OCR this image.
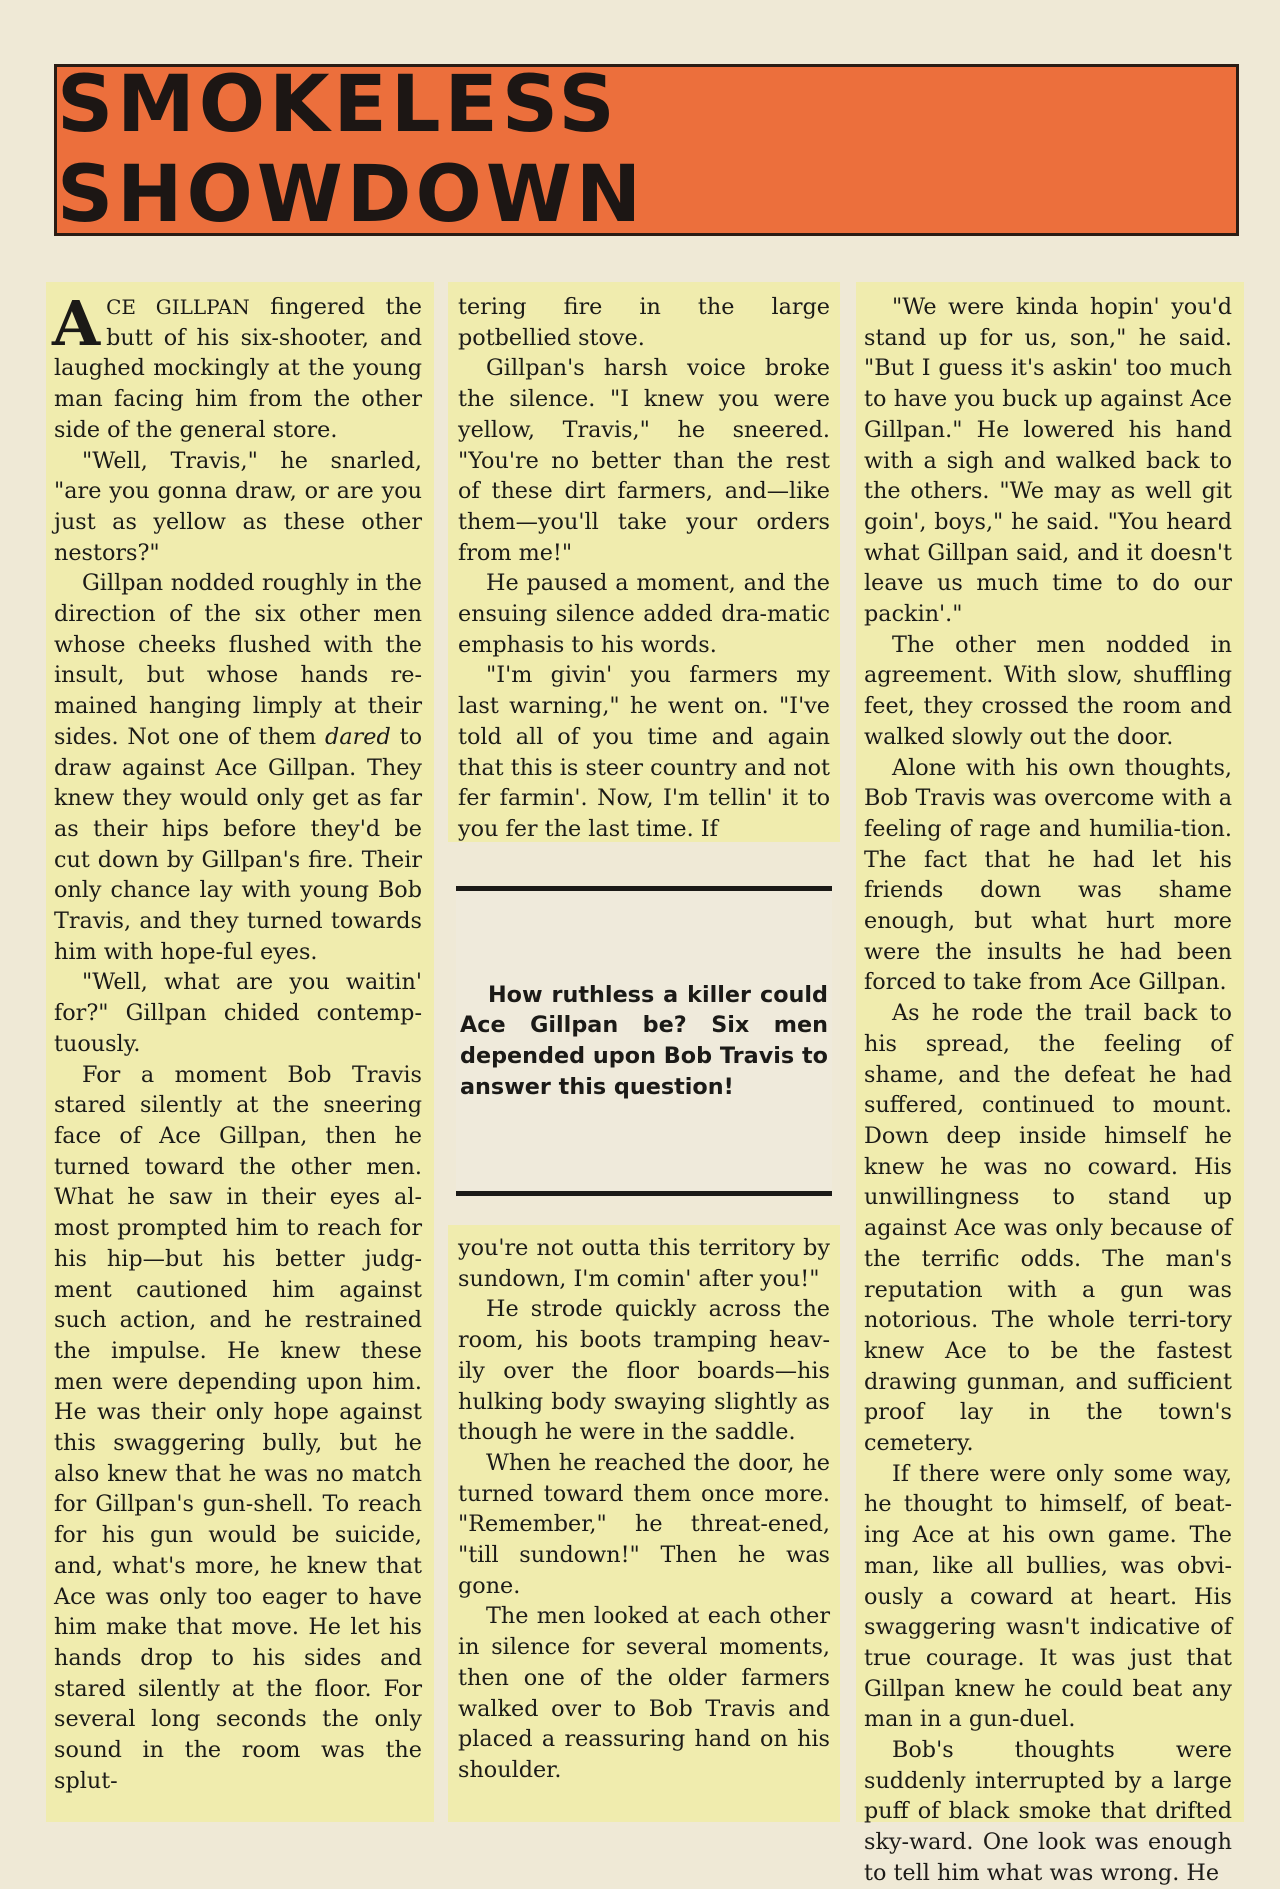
SMOKELESS SHOWDOWN

ACE GILLPAN fingered the butt of his six-shooter, and laughed mockingly at the young man facing him from the other side of the general store.

"Well, Travis," he snarled, "are you gonna draw, or are you just as yellow as these other nestors?"

Gillpan nodded roughly in the direction of the six other men whose cheeks flushed with the insult, but whose hands re-mained hanging limply at their sides. Not one of them dared to draw against Ace Gillpan. They knew they would only get as far as their hips before they'd be cut down by Gillpan's fire. Their only chance lay with young Bob Travis, and they turned towards him with hope-ful eyes.

"Well, what are you waitin' for?" Gillpan chided contemp-tuously.

For a moment Bob Travis stared silently at the sneering face of Ace Gillpan, then he turned toward the other men. What he saw in their eyes al-most prompted him to reach for his hip—but his better judg-ment cautioned him against such action, and he restrained the impulse. He knew these men were depending upon him. He was their only hope against this swaggering bully, but he also knew that he was no match for Gillpan's gun-shell. To reach for his gun would be suicide, and, what's more, he knew that Ace was only too eager to have him make that move. He let his hands drop to his sides and stared silently at the floor. For several long seconds the only sound in the room was the splut-

tering fire in the large potbellied stove.

Gillpan's harsh voice broke the silence. "I knew you were yellow, Travis," he sneered. "You're no better than the rest of these dirt farmers, and—like them—you'll take your orders from me!"

He paused a moment, and the ensuing silence added dra-matic emphasis to his words.

"I'm givin' you farmers my last warning," he went on. "I've told all of you time and again that this is steer country and not fer farmin'. Now, I'm tellin' it to you fer the last time. If

How ruthless a killer could Ace Gillpan be? Six men depended upon Bob Travis to answer this question!

you're not outta this territory by sundown, I'm comin' after you!"

He strode quickly across the room, his boots tramping heav-ily over the floor boards—his hulking body swaying slightly as though he were in the saddle.

When he reached the door, he turned toward them once more. "Remember," he threat-ened, "till sundown!" Then he was gone.

The men looked at each other in silence for several moments, then one of the older farmers walked over to Bob Travis and placed a reassuring hand on his shoulder.

"We were kinda hopin' you'd stand up for us, son," he said. "But I guess it's askin' too much to have you buck up against Ace Gillpan." He lowered his hand with a sigh and walked back to the others. "We may as well git goin', boys," he said. "You heard what Gillpan said, and it doesn't leave us much time to do our packin'."

The other men nodded in agreement. With slow, shuffling feet, they crossed the room and walked slowly out the door.

Alone with his own thoughts, Bob Travis was overcome with a feeling of rage and humilia-tion. The fact that he had let his friends down was shame enough, but what hurt more were the insults he had been forced to take from Ace Gillpan.

As he rode the trail back to his spread, the feeling of shame, and the defeat he had suffered, continued to mount. Down deep inside himself he knew he was no coward. His unwillingness to stand up against Ace was only because of the terrific odds. The man's reputation with a gun was notorious. The whole terri-tory knew Ace to be the fastest drawing gunman, and sufficient proof lay in the town's cemetery.

If there were only some way, he thought to himself, of beat-ing Ace at his own game. The man, like all bullies, was obvi-ously a coward at heart. His swaggering wasn't indicative of true courage. It was just that Gillpan knew he could beat any man in a gun-duel.

Bob's thoughts were suddenly interrupted by a large puff of black smoke that drifted sky-ward. One look was enough to tell him what was wrong. He
